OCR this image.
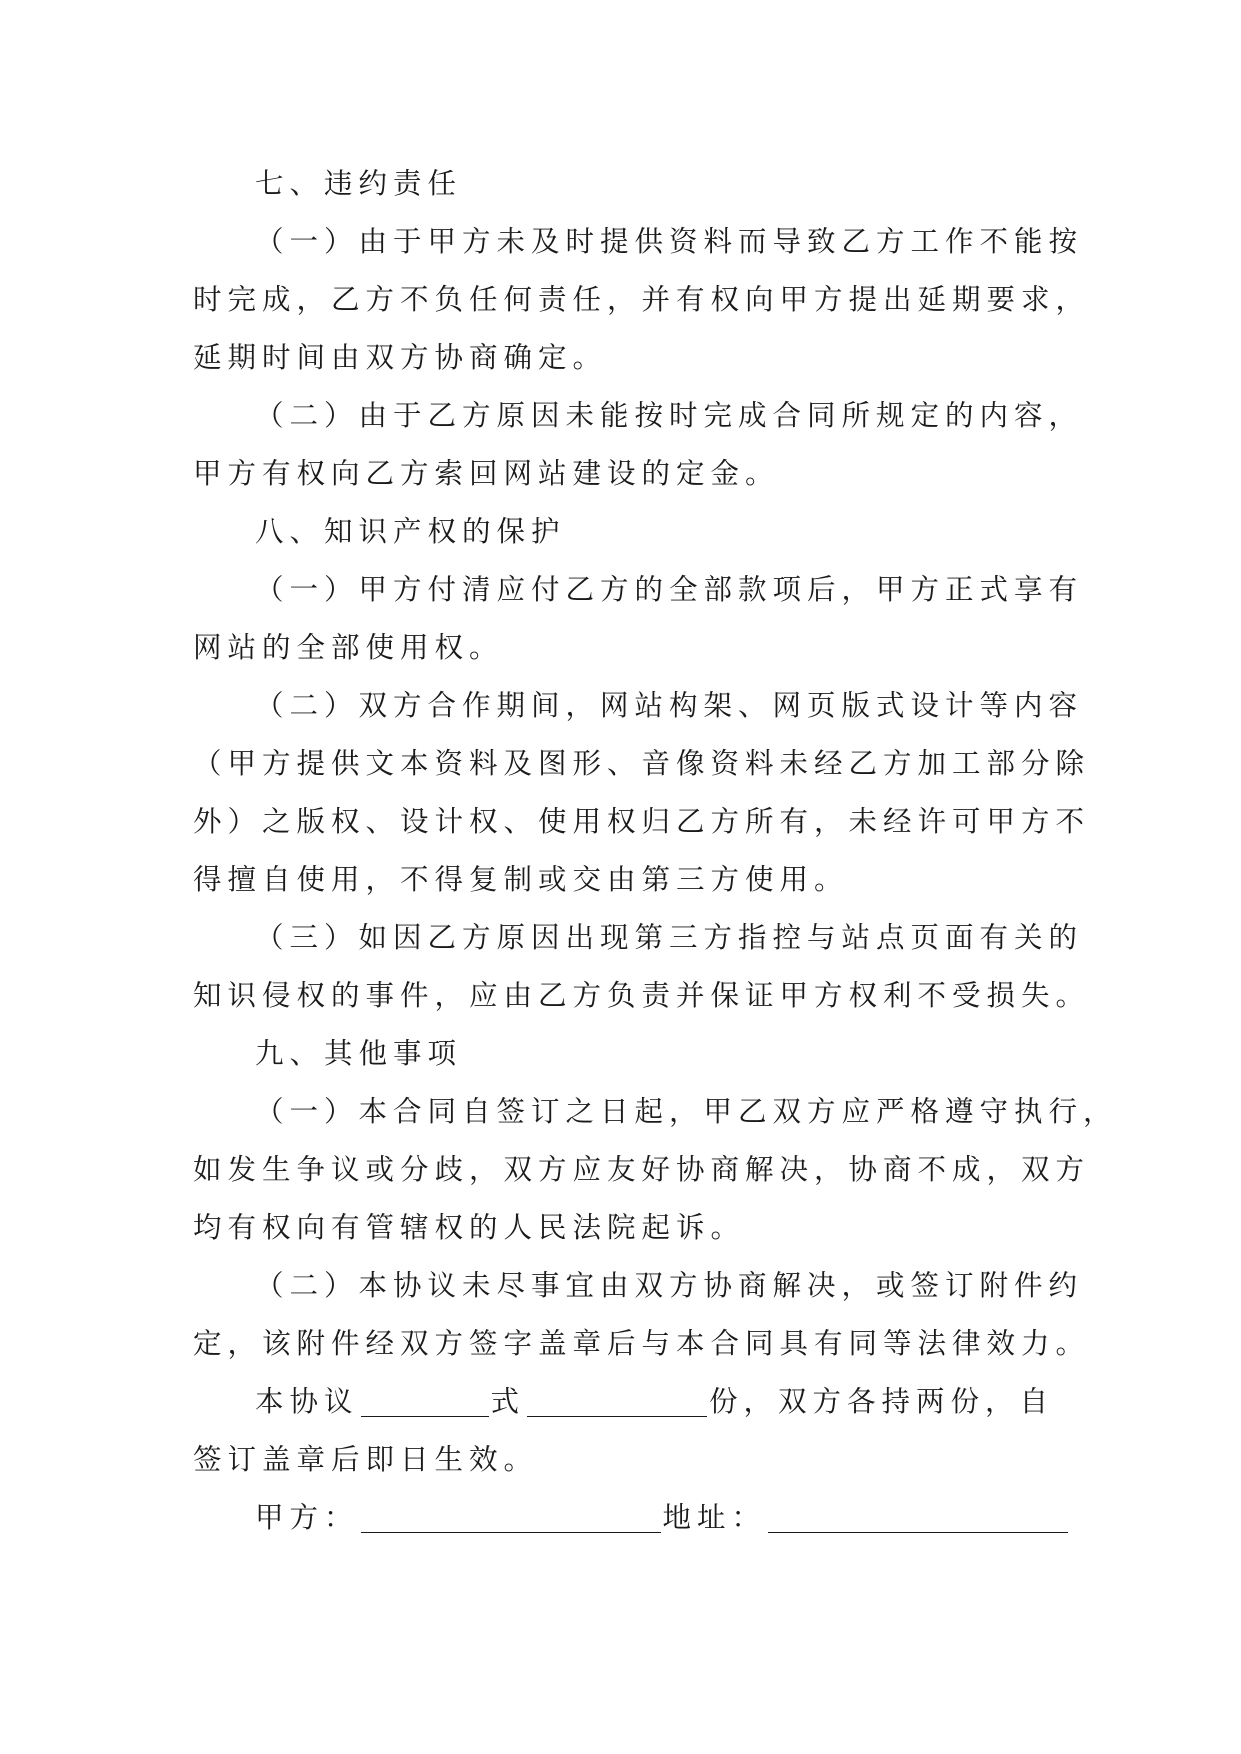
七、违约责任
（一）由于甲方未及时提供资料而导致乙方工作不能按
时完成，乙方不负任何责任，并有权向甲方提出延期要求，
延期时间由双方协商确定。
（二）由于乙方原因未能按时完成合同所规定的内容，
甲方有权向乙方索回网站建设的定金。
八、知识产权的保护
（一）甲方付清应付乙方的全部款项后，甲方正式享有
网站的全部使用权。
（二）双方合作期间，网站构架、网页版式设计等内容
（甲方提供文本资料及图形、音像资料未经乙方加工部分除
外）之版权、设计权、使用权归乙方所有，未经许可甲方不
得擅自使用，不得复制或交由第三方使用。
（三）如因乙方原因出现第三方指控与站点页面有关的
知识侵权的事件，应由乙方负责并保证甲方权利不受损失。
九、其他事项
（一）本合同自签订之日起，甲乙双方应严格遵守执行，
如发生争议或分歧，双方应友好协商解决，协商不成，双方
均有权向有管辖权的人民法院起诉。
（二）本协议未尽事宜由双方协商解决，或签订附件约
定，该附件经双方签字盖章后与本合同具有同等法律效力。
本协议	式	份，双方各持两份，自
签订盖章后即日生效。
甲方：	地址：
